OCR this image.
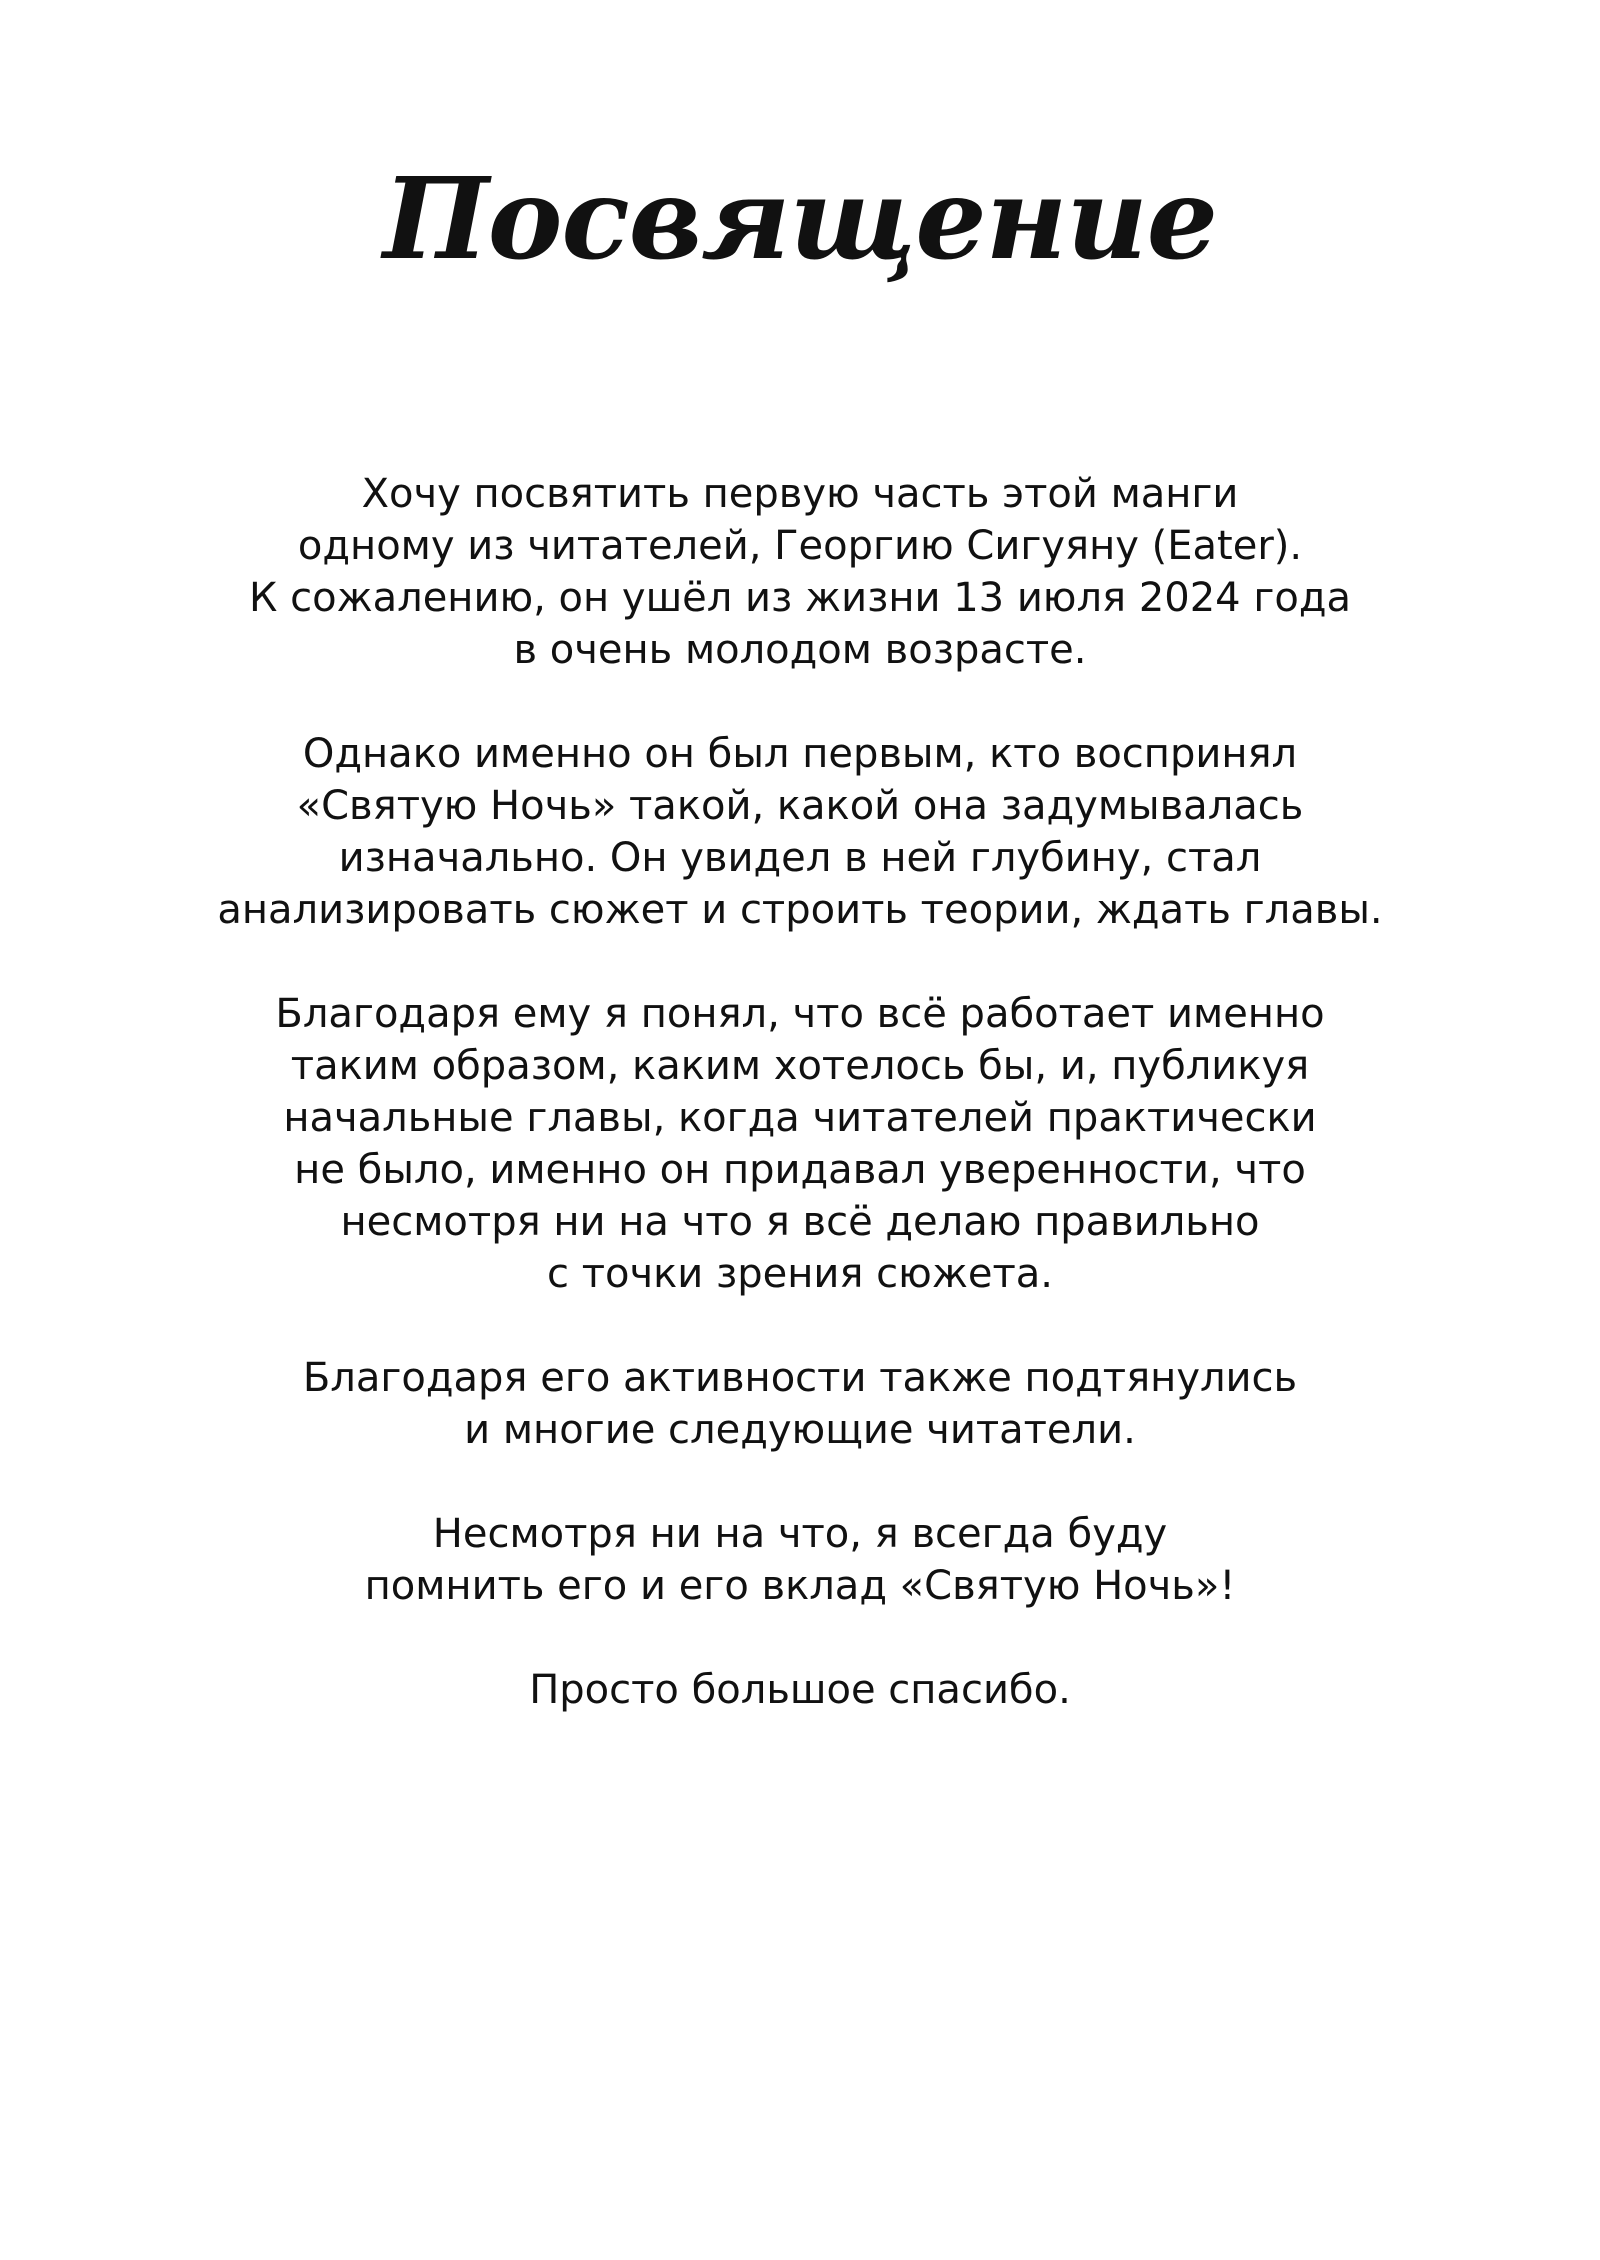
Посвящение
Хочу посвятить первую часть этой манги
одному из читателей, Георгию Сигуяну (Eater).
К сожалению, он ушёл из жизни 13 июля 2024 года
в очень молодом возрасте.
Однако именно он был первым, кто воспринял
«Святую Ночь» такой, какой она задумывалась
изначально. Он увидел в ней глубину, стал
анализировать сюжет и строить теории, ждать главы.
Благодаря ему я понял, что всё работает именно
таким образом, каким хотелось бы, и, публикуя
начальные главы, когда читателей практически
не было, именно он придавал уверенности, что
несмотря ни на что я всё делаю правильно
с точки зрения сюжета.
Благодаря его активности также подтянулись
и многие следующие читатели.
Несмотря ни на что, я всегда буду
помнить его и его вклад «Святую Ночь»!
Просто большое спасибо.
